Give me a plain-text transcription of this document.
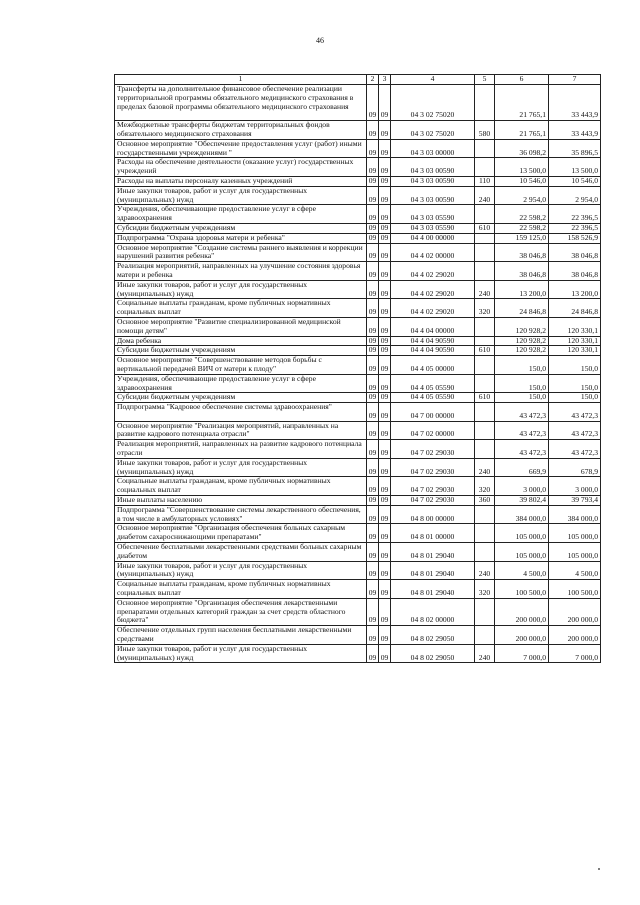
46
1	2	3	4	5	6	7
Трансферты на дополнительное финансовое обеспечение реализации территориальной программы обязательного медицинского страхования в пределах базовой программы обязательного медицинского страхования	09	09	04 3 02 75020		21 765,1	33 443,9
Межбюджетные трансферты бюджетам территориальных фондов обязательного медицинского страхования	09	09	04 3 02 75020	580	21 765,1	33 443,9
Основное мероприятие "Обеспечение предоставления услуг (работ) иными государственными учреждениями "	09	09	04 3 03 00000		36 098,2	35 896,5
Расходы на обеспечение деятельности (оказание услуг) государственных учреждений	09	09	04 3 03 00590		13 500,0	13 500,0
Расходы на выплаты персоналу казенных учреждений	09	09	04 3 03 00590	110	10 546,0	10 546,0
Иные закупки товаров, работ и услуг для государственных (муниципальных) нужд	09	09	04 3 03 00590	240	2 954,0	2 954,0
Учреждения, обеспечивающие предоставление услуг в сфере здравоохранения	09	09	04 3 03 05590		22 598,2	22 396,5
Субсидии бюджетным учреждениям	09	09	04 3 03 05590	610	22 598,2	22 396,5
Подпрограмма "Охрана здоровья матери и ребенка"	09	09	04 4 00 00000		159 125,0	158 526,9
Основное мероприятие "Создание системы раннего выявления и коррекции нарушений развития ребенка"	09	09	04 4 02 00000		38 046,8	38 046,8
Реализация мероприятий, направленных на улучшение состояния здоровья матери и ребенка	09	09	04 4 02 29020		38 046,8	38 046,8
Иные закупки товаров, работ и услуг для государственных (муниципальных) нужд	09	09	04 4 02 29020	240	13 200,0	13 200,0
Социальные выплаты гражданам, кроме публичных нормативных социальных выплат	09	09	04 4 02 29020	320	24 846,8	24 846,8
Основное мероприятие "Развитие специализированной медицинской помощи детям"	09	09	04 4 04 00000		120 928,2	120 330,1
Дома ребенка	09	09	04 4 04 90590		120 928,2	120 330,1
Субсидии бюджетным учреждениям	09	09	04 4 04 90590	610	120 928,2	120 330,1
Основное мероприятие "Совершенствование методов борьбы с вертикальной передачей ВИЧ от матери к плоду"	09	09	04 4 05 00000		150,0	150,0
Учреждения, обеспечивающие предоставление услуг в сфере здравоохранения	09	09	04 4 05 05590		150,0	150,0
Субсидии бюджетным учреждениям	09	09	04 4 05 05590	610	150,0	150,0
Подпрограмма "Кадровое обеспечение системы здравоохранения"	09	09	04 7 00 00000		43 472,3	43 472,3
Основное мероприятие "Реализация мероприятий, направленных на развитие кадрового потенциала отрасли"	09	09	04 7 02 00000		43 472,3	43 472,3
Реализация мероприятий, направленных на развитие кадрового потенциала отрасли	09	09	04 7 02 29030		43 472,3	43 472,3
Иные закупки товаров, работ и услуг для государственных (муниципальных) нужд	09	09	04 7 02 29030	240	669,9	678,9
Социальные выплаты гражданам, кроме публичных нормативных социальных выплат	09	09	04 7 02 29030	320	3 000,0	3 000,0
Иные выплаты населению	09	09	04 7 02 29030	360	39 802,4	39 793,4
Подпрограмма "Совершенствование системы лекарственного обеспечения, в том числе в амбулаторных условиях"	09	09	04 8 00 00000		384 000,0	384 000,0
Основное мероприятие "Организация обеспечения больных сахарным диабетом сахароснижающими препаратами"	09	09	04 8 01 00000		105 000,0	105 000,0
Обеспечение бесплатными лекарственными средствами больных сахарным диабетом	09	09	04 8 01 29040		105 000,0	105 000,0
Иные закупки товаров, работ и услуг для государственных (муниципальных) нужд	09	09	04 8 01 29040	240	4 500,0	4 500,0
Социальные выплаты гражданам, кроме публичных нормативных социальных выплат	09	09	04 8 01 29040	320	100 500,0	100 500,0
Основное мероприятие "Организация обеспечения лекарственными препаратами отдельных категорий граждан за счет средств областного бюджета"	09	09	04 8 02 00000		200 000,0	200 000,0
Обеспечение отдельных групп населения бесплатными лекарственными средствами	09	09	04 8 02 29050		200 000,0	200 000,0
Иные закупки товаров, работ и услуг для государственных (муниципальных) нужд	09	09	04 8 02 29050	240	7 000,0	7 000,0
